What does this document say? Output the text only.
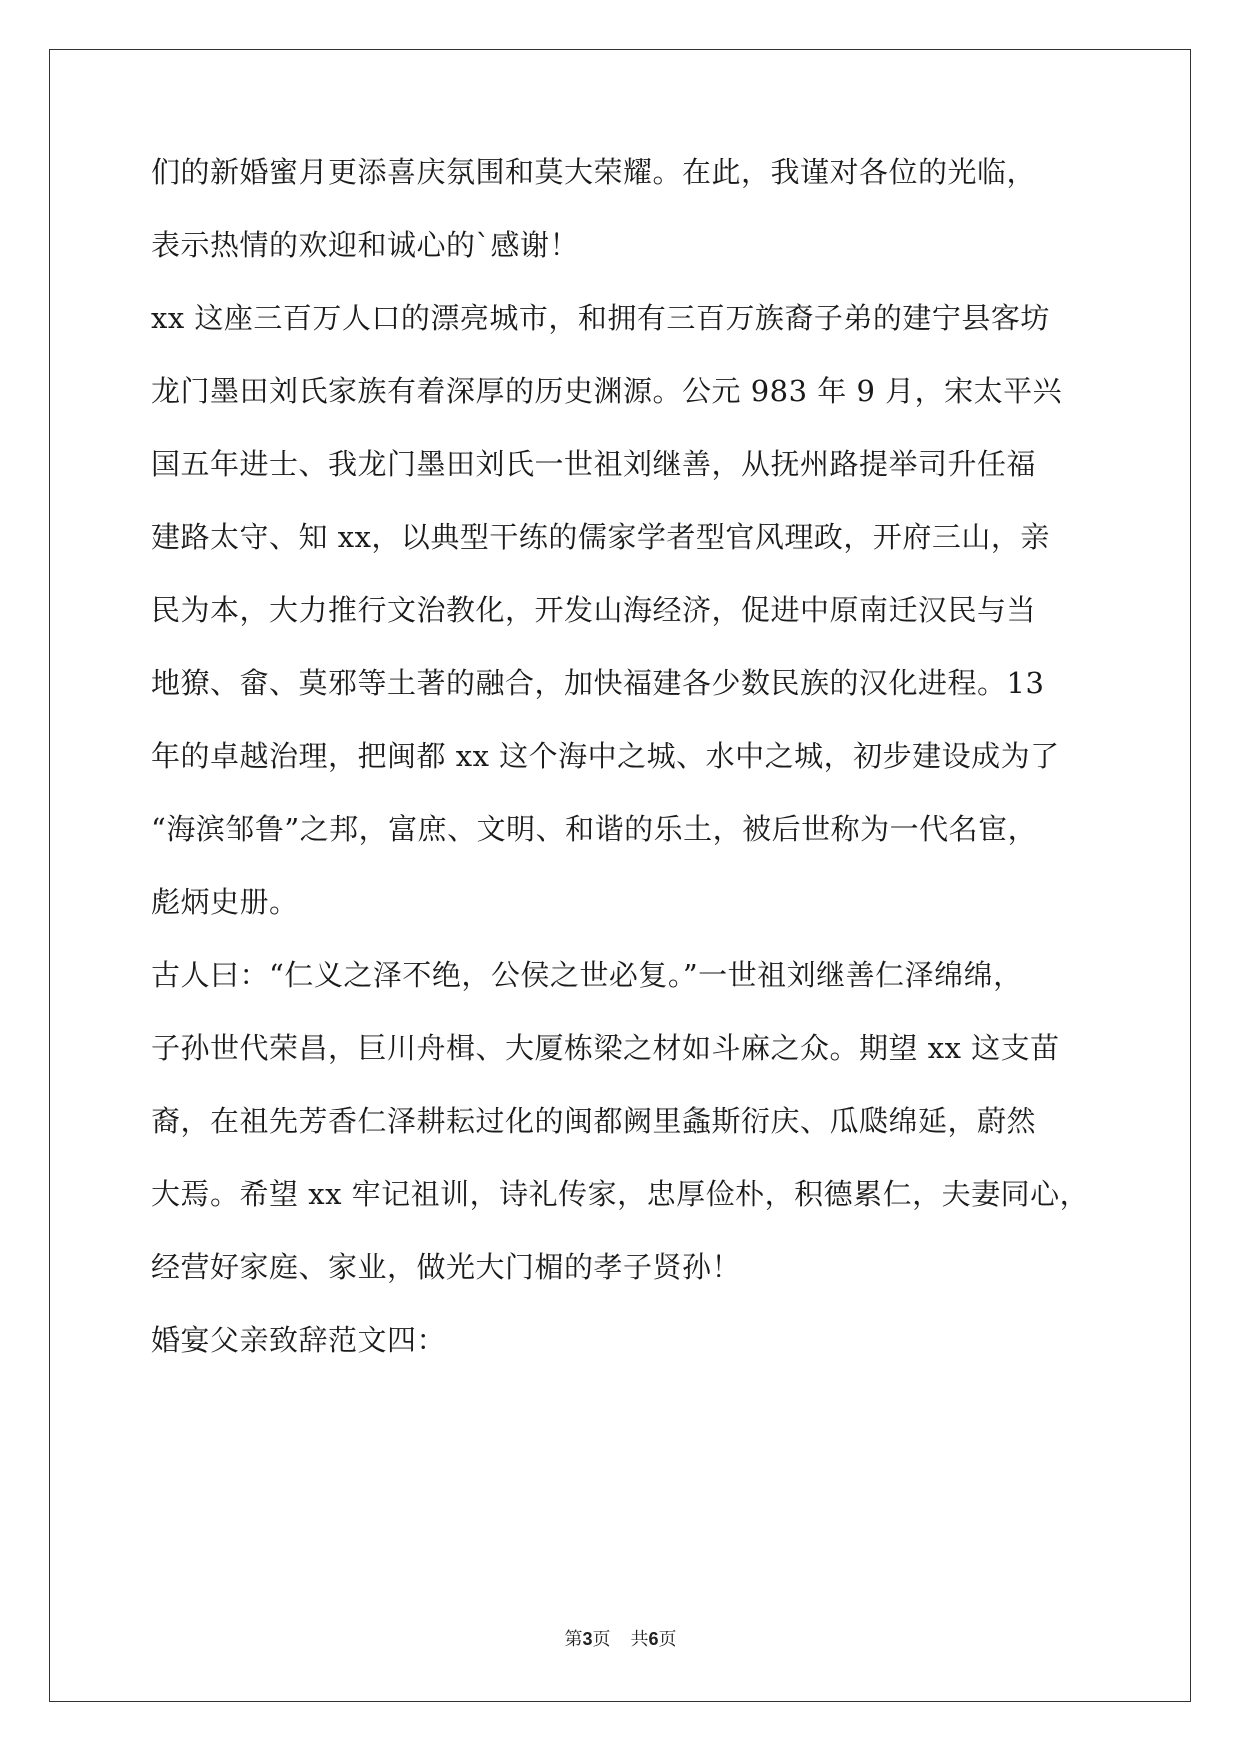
们的新婚蜜月更添喜庆氛围和莫大荣耀。在此，我谨对各位的光临，
表示热情的欢迎和诚心的`感谢！
xx 这座三百万人口的漂亮城市，和拥有三百万族裔子弟的建宁县客坊
龙门墨田刘氏家族有着深厚的历史渊源。公元 983 年 9 月，宋太平兴
国五年进士、我龙门墨田刘氏一世祖刘继善，从抚州路提举司升任福
建路太守、知 xx，以典型干练的儒家学者型官风理政，开府三山，亲
民为本，大力推行文治教化，开发山海经济，促进中原南迁汉民与当
地獠、畲、莫邪等土著的融合，加快福建各少数民族的汉化进程。13
年的卓越治理，把闽都 xx 这个海中之城、水中之城，初步建设成为了
“海滨邹鲁”之邦，富庶、文明、和谐的乐土，被后世称为一代名宦，
彪炳史册。
古人曰：“仁义之泽不绝，公侯之世必复。”一世祖刘继善仁泽绵绵，
子孙世代荣昌，巨川舟楫、大厦栋梁之材如斗麻之众。期望 xx 这支苗
裔，在祖先芳香仁泽耕耘过化的闽都阙里螽斯衍庆、瓜瓞绵延，蔚然
大焉。希望 xx 牢记祖训，诗礼传家，忠厚俭朴，积德累仁，夫妻同心，
经营好家庭、家业，做光大门楣的孝子贤孙！
婚宴父亲致辞范文四：
第3页 共6页
